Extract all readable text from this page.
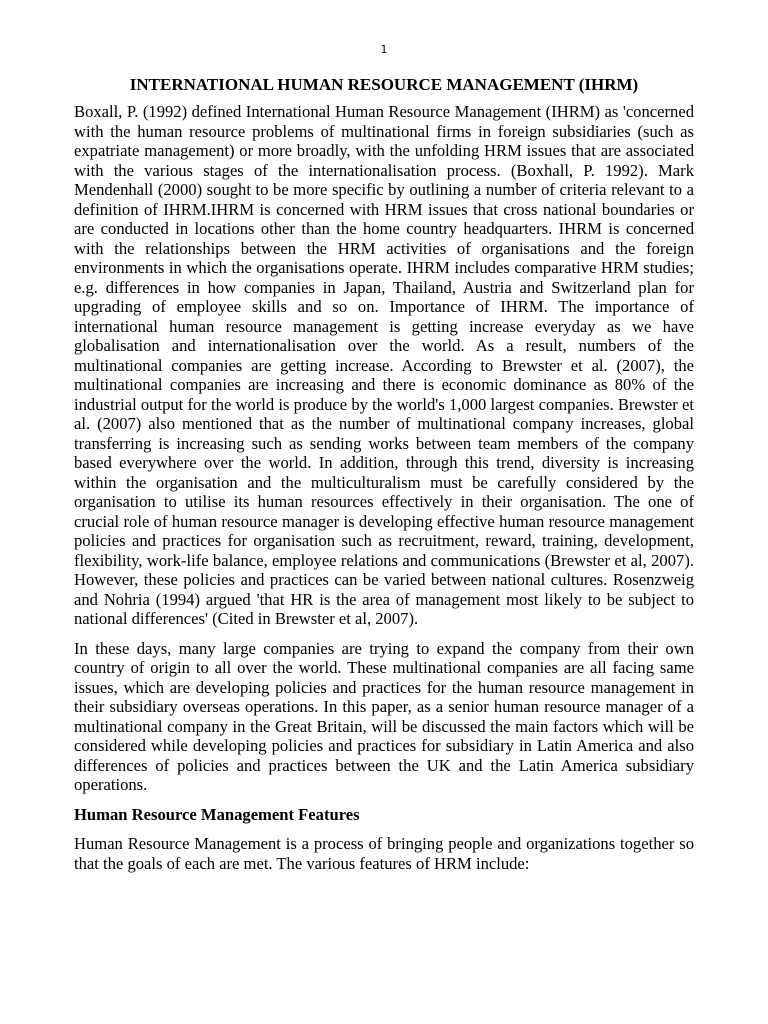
1
INTERNATIONAL HUMAN RESOURCE MANAGEMENT (IHRM)

Boxall, P. (1992) defined International Human Resource Management (IHRM) as 'concerned with the human resource problems of multinational firms in foreign subsidiaries (such as expatriate management) or more broadly, with the unfolding HRM issues that are associated with the various stages of the internationalisation process. (Boxhall, P. 1992). Mark Mendenhall (2000) sought to be more specific by outlining a number of criteria relevant to a definition of IHRM.IHRM is concerned with HRM issues that cross national boundaries or are conducted in locations other than the home country headquarters. IHRM is concerned with the relationships between the HRM activities of organisations and the foreign environments in which the organisations operate. IHRM includes comparative HRM studies; e.g. differences in how companies in Japan, Thailand, Austria and Switzerland plan for upgrading of employee skills and so on. Importance of IHRM. The importance of international human resource management is getting increase everyday as we have globalisation and internationalisation over the world. As a result, numbers of the multinational companies are getting increase. According to Brewster et al. (2007), the

multinational companies are increasing and there is economic dominance as 80% of the industrial output for the world is produce by the world's 1,000 largest companies. Brewster et al. (2007) also mentioned that as the number of multinational company increases, global transferring is increasing such as sending works between team members of the company based everywhere over the world. In addition, through this trend, diversity is increasing within the organisation and the multiculturalism must be carefully considered by the organisation to utilise its human resources effectively in their organisation. The one of crucial role of human resource manager is developing effective human resource management policies and practices for organisation such as recruitment, reward, training, development, flexibility, work-life balance, employee relations and communications (Brewster et al, 2007). However, these policies and practices can be varied between national cultures. Rosenzweig and Nohria (1994) argued 'that HR is the area of management most likely to be subject to national differences' (Cited in Brewster et al, 2007).

In these days, many large companies are trying to expand the company from their own country of origin to all over the world. These multinational companies are all facing same issues, which are developing policies and practices for the human resource management in their subsidiary overseas operations. In this paper, as a senior human resource manager of a multinational company in the Great Britain, will be discussed the main factors which will be considered while developing policies and practices for subsidiary in Latin America and also differences of policies and practices between the UK and the Latin America subsidiary operations.

Human Resource Management Features

Human Resource Management is a process of bringing people and organizations together so that the goals of each are met. The various features of HRM include:
